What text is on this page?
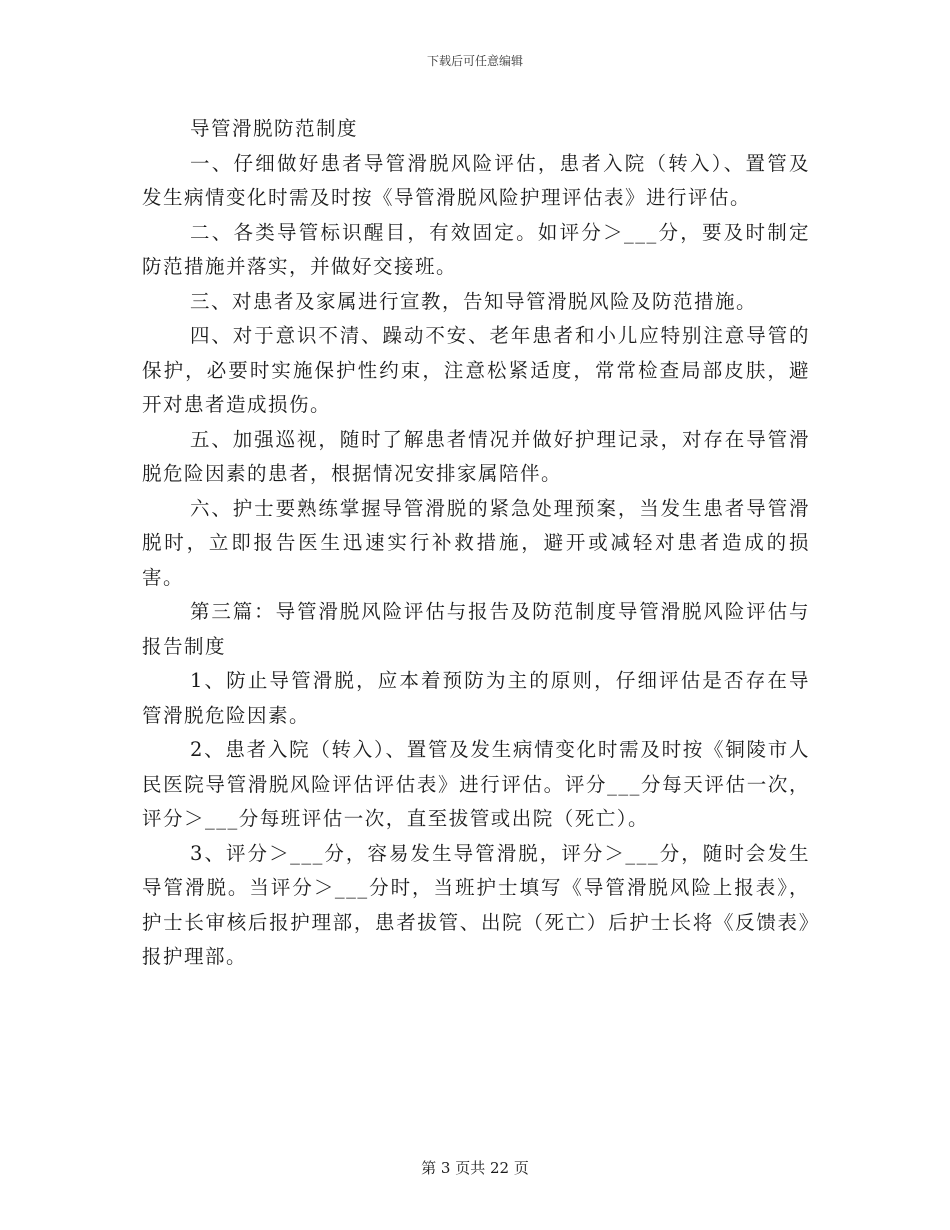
下载后可任意编辑

导管滑脱防范制度

一、仔细做好患者导管滑脱风险评估，患者入院（转入）、置管及发生病情变化时需及时按《导管滑脱风险护理评估表》进行评估。

二、各类导管标识醒目，有效固定。如评分＞___分，要及时制定防范措施并落实，并做好交接班。

三、对患者及家属进行宣教，告知导管滑脱风险及防范措施。

四、对于意识不清、躁动不安、老年患者和小儿应特别注意导管的保护，必要时实施保护性约束，注意松紧适度，常常检查局部皮肤，避开对患者造成损伤。

五、加强巡视，随时了解患者情况并做好护理记录，对存在导管滑脱危险因素的患者，根据情况安排家属陪伴。

六、护士要熟练掌握导管滑脱的紧急处理预案，当发生患者导管滑脱时，立即报告医生迅速实行补救措施，避开或减轻对患者造成的损害。

第三篇：导管滑脱风险评估与报告及防范制度导管滑脱风险评估与报告制度

1、防止导管滑脱，应本着预防为主的原则，仔细评估是否存在导管滑脱危险因素。

2、患者入院（转入）、置管及发生病情变化时需及时按《铜陵市人民医院导管滑脱风险评估评估表》进行评估。评分___分每天评估一次，评分＞___分每班评估一次，直至拔管或出院（死亡）。

3、评分＞___分，容易发生导管滑脱，评分＞___分，随时会发生导管滑脱。当评分＞___分时，当班护士填写《导管滑脱风险上报表》，护士长审核后报护理部，患者拔管、出院（死亡）后护士长将《反馈表》报护理部。

第 3 页共 22 页
